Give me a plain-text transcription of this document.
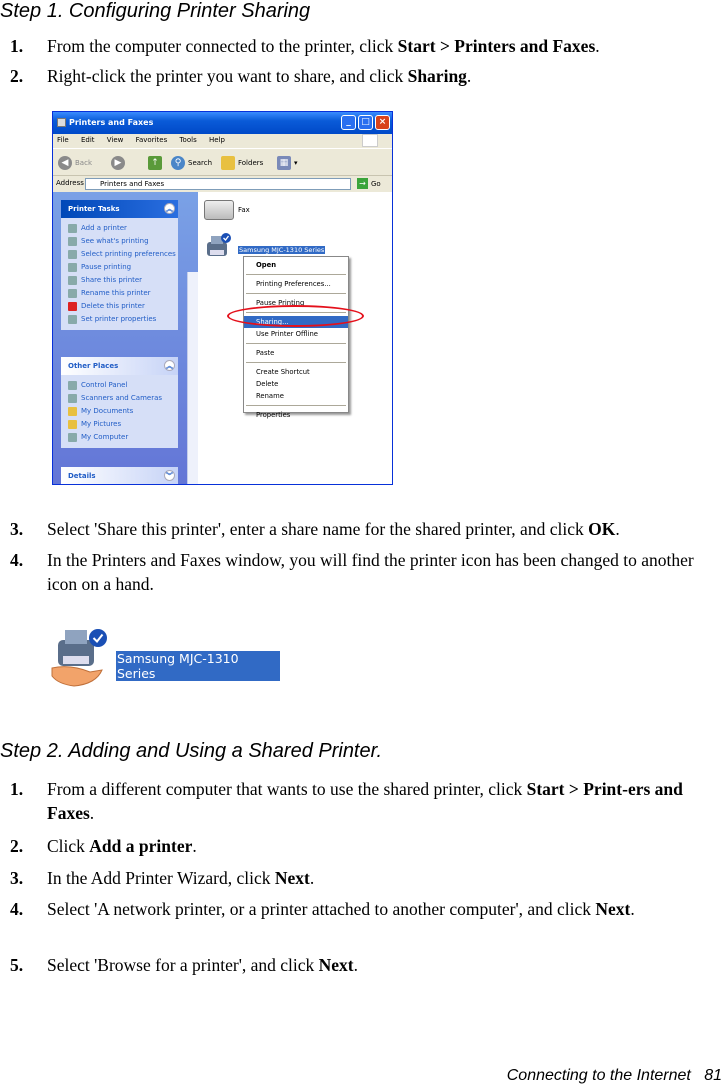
Step 1. Configuring Printer Sharing
1. From the computer connected to the printer, click Start > Printers and Faxes.
2. Right-click the printer you want to share, and click Sharing.
Printers and Faxes	_	□ ×
File Edit View Favorites Tools Help
◀ Back	▶	↑	⚲ Search	Folders	▦ ▾
Address	Printers and Faxes	→ Go
Printer Tasks	︽
Add a printer
See what's printing
Select printing preferences
Pause printing
Share this printer
Rename this printer
Delete this printer
Set printer properties
Other Places	︽
Control Panel
Scanners and Cameras
My Documents
My Pictures
My Computer
Details	︾
Fax
Samsung MJC-1310 Series
Open
Printing Preferences...
Pause Printing
Sharing...
Use Printer Offline
Paste
Create Shortcut
Delete
Rename
Properties
3. Select 'Share this printer', enter a share name for the shared printer, and click OK.
4. In the Printers and Faxes window, you will find the printer icon has been changed to another icon on a hand.
Samsung MJC-1310 Series
Step 2. Adding and Using a Shared Printer.
1. From a different computer that wants to use the shared printer, click Start > Print-ers and Faxes.
2. Click Add a printer.
3. In the Add Printer Wizard, click Next.
4. Select 'A network printer, or a printer attached to another computer', and click Next.
5. Select 'Browse for a printer', and click Next.
Connecting to the Internet 81
